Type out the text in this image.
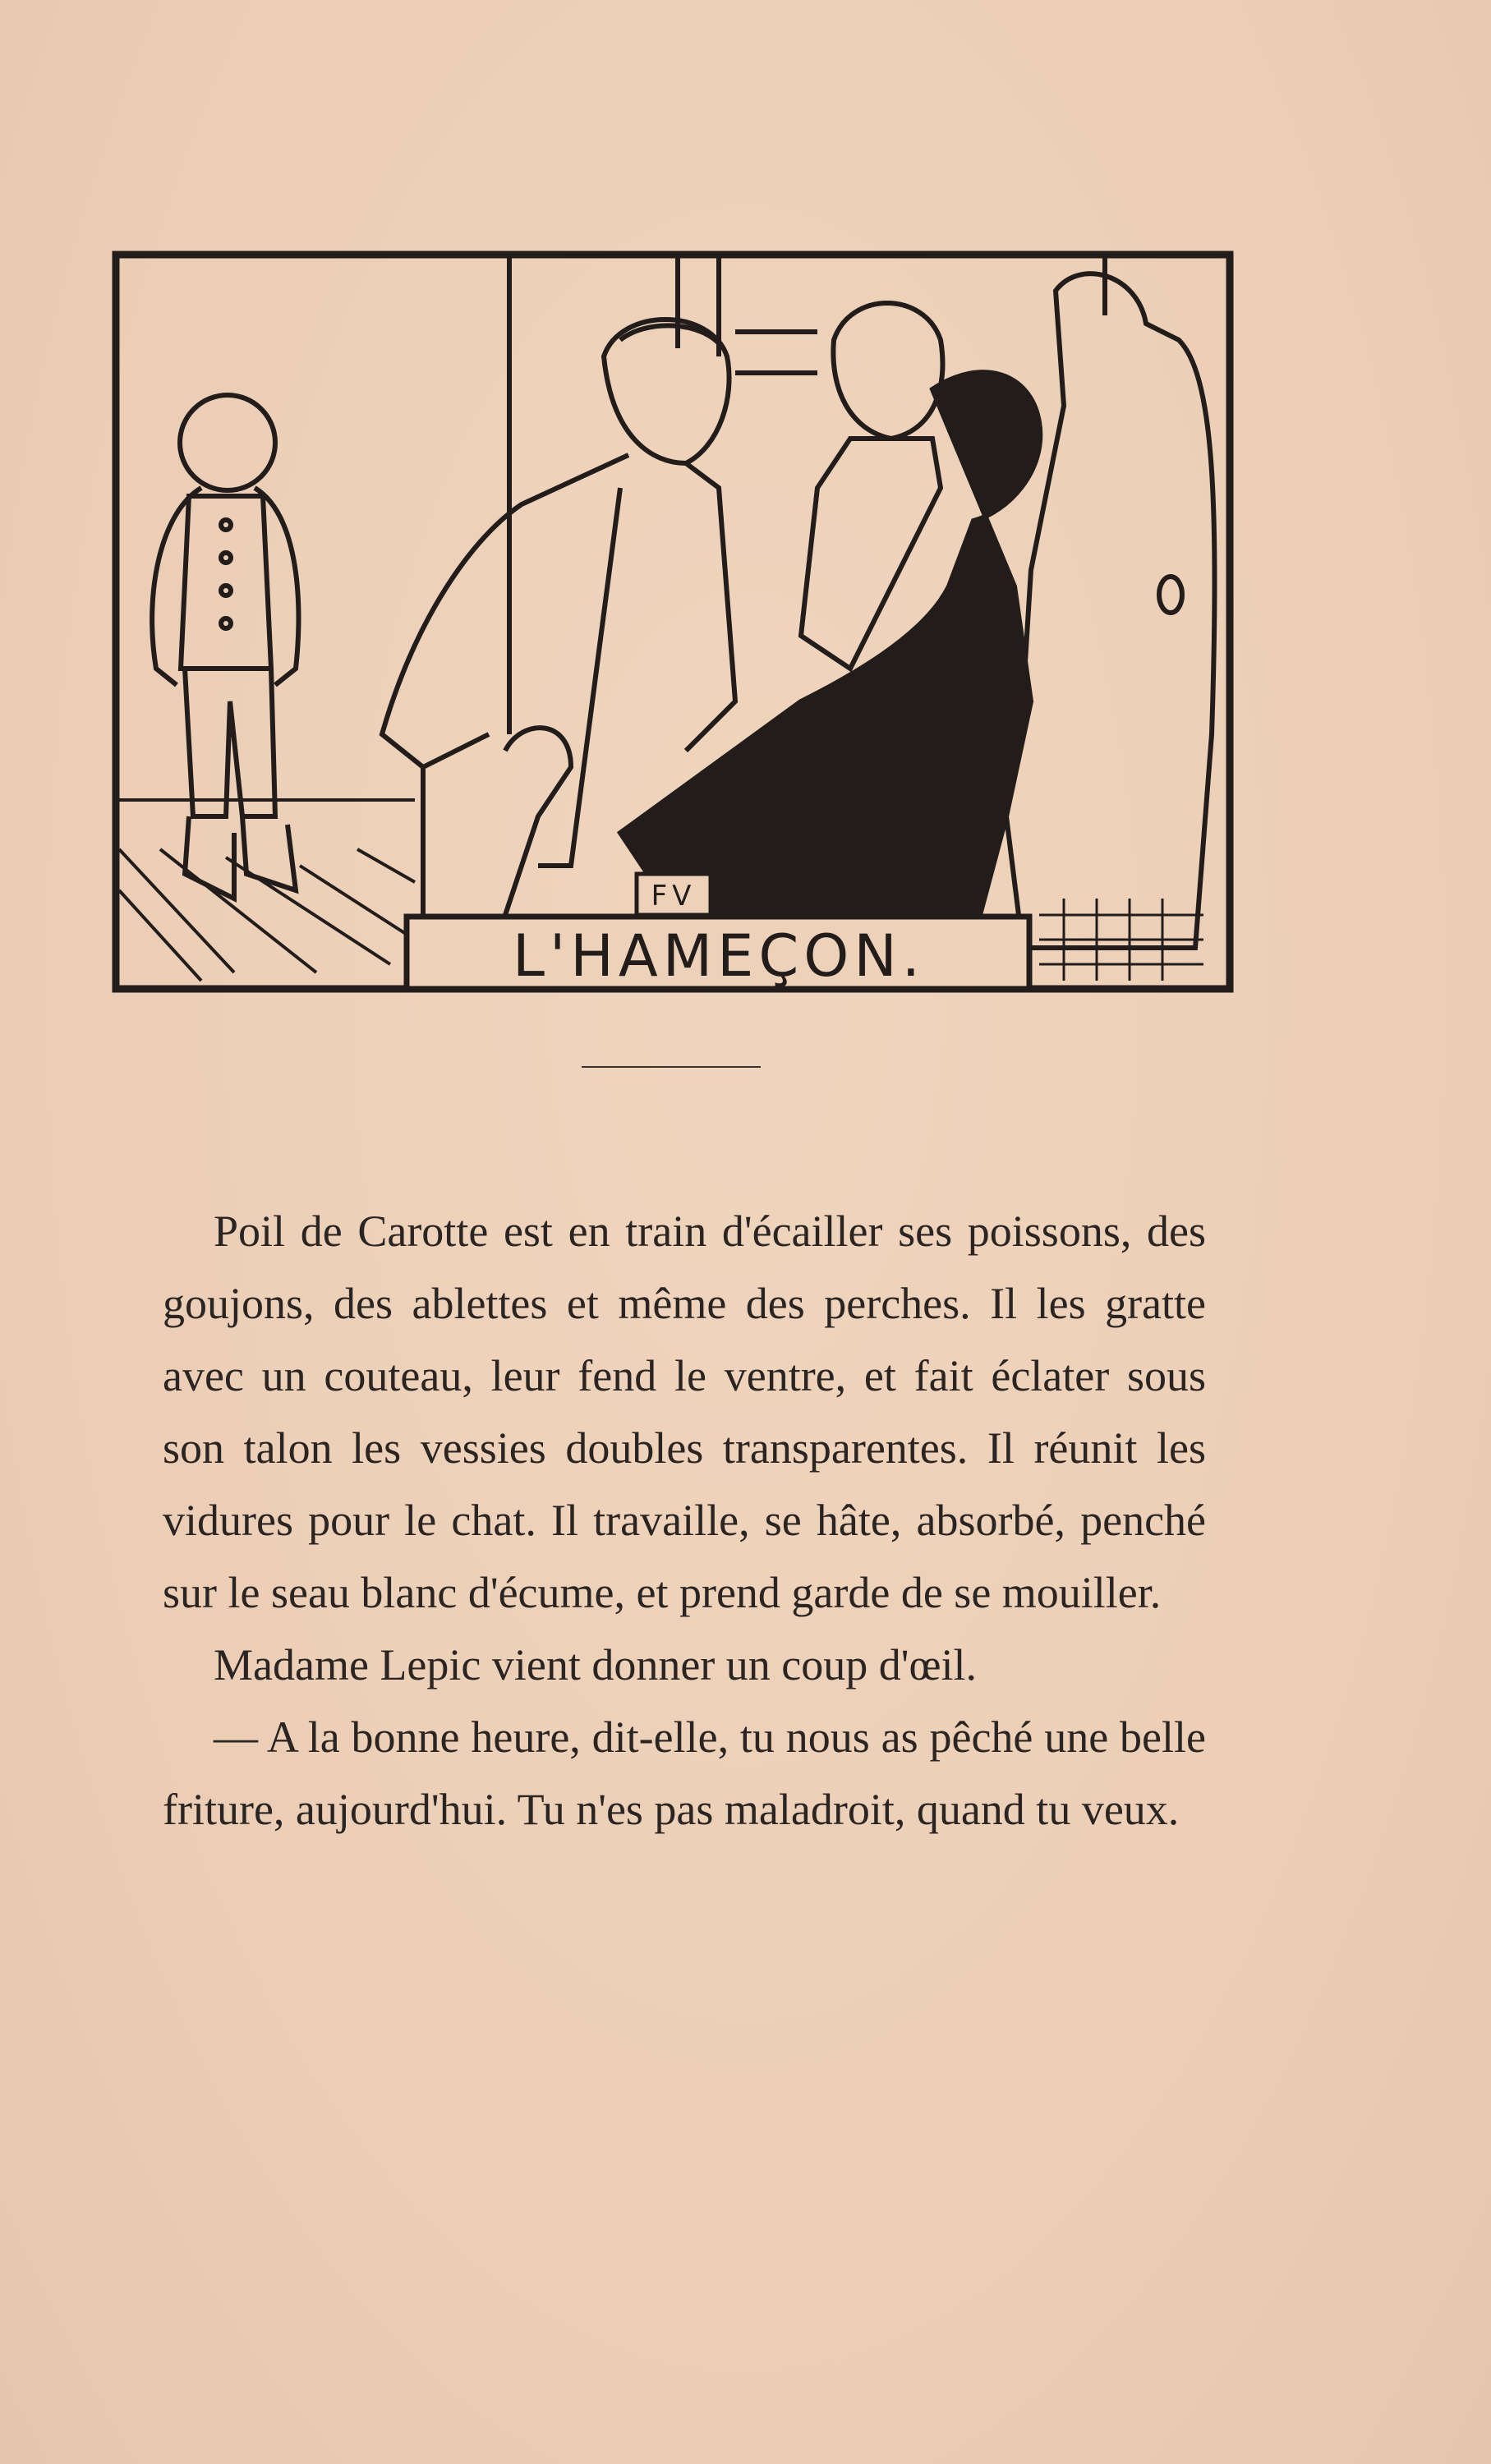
FV
L'HAMEÇON.

Poil de Carotte est en train d'écailler ses poissons, des goujons, des ablettes et même des perches. Il les gratte avec un couteau, leur fend le ventre, et fait éclater sous son talon les vessies doubles transparentes. Il réunit les vidures pour le chat. Il travaille, se hâte, absorbé, penché sur le seau blanc d'écume, et prend garde de se mouiller.

Madame Lepic vient donner un coup d'œil.

— A la bonne heure, dit-elle, tu nous as pêché une belle friture, aujourd'hui. Tu n'es pas maladroit, quand tu veux.
